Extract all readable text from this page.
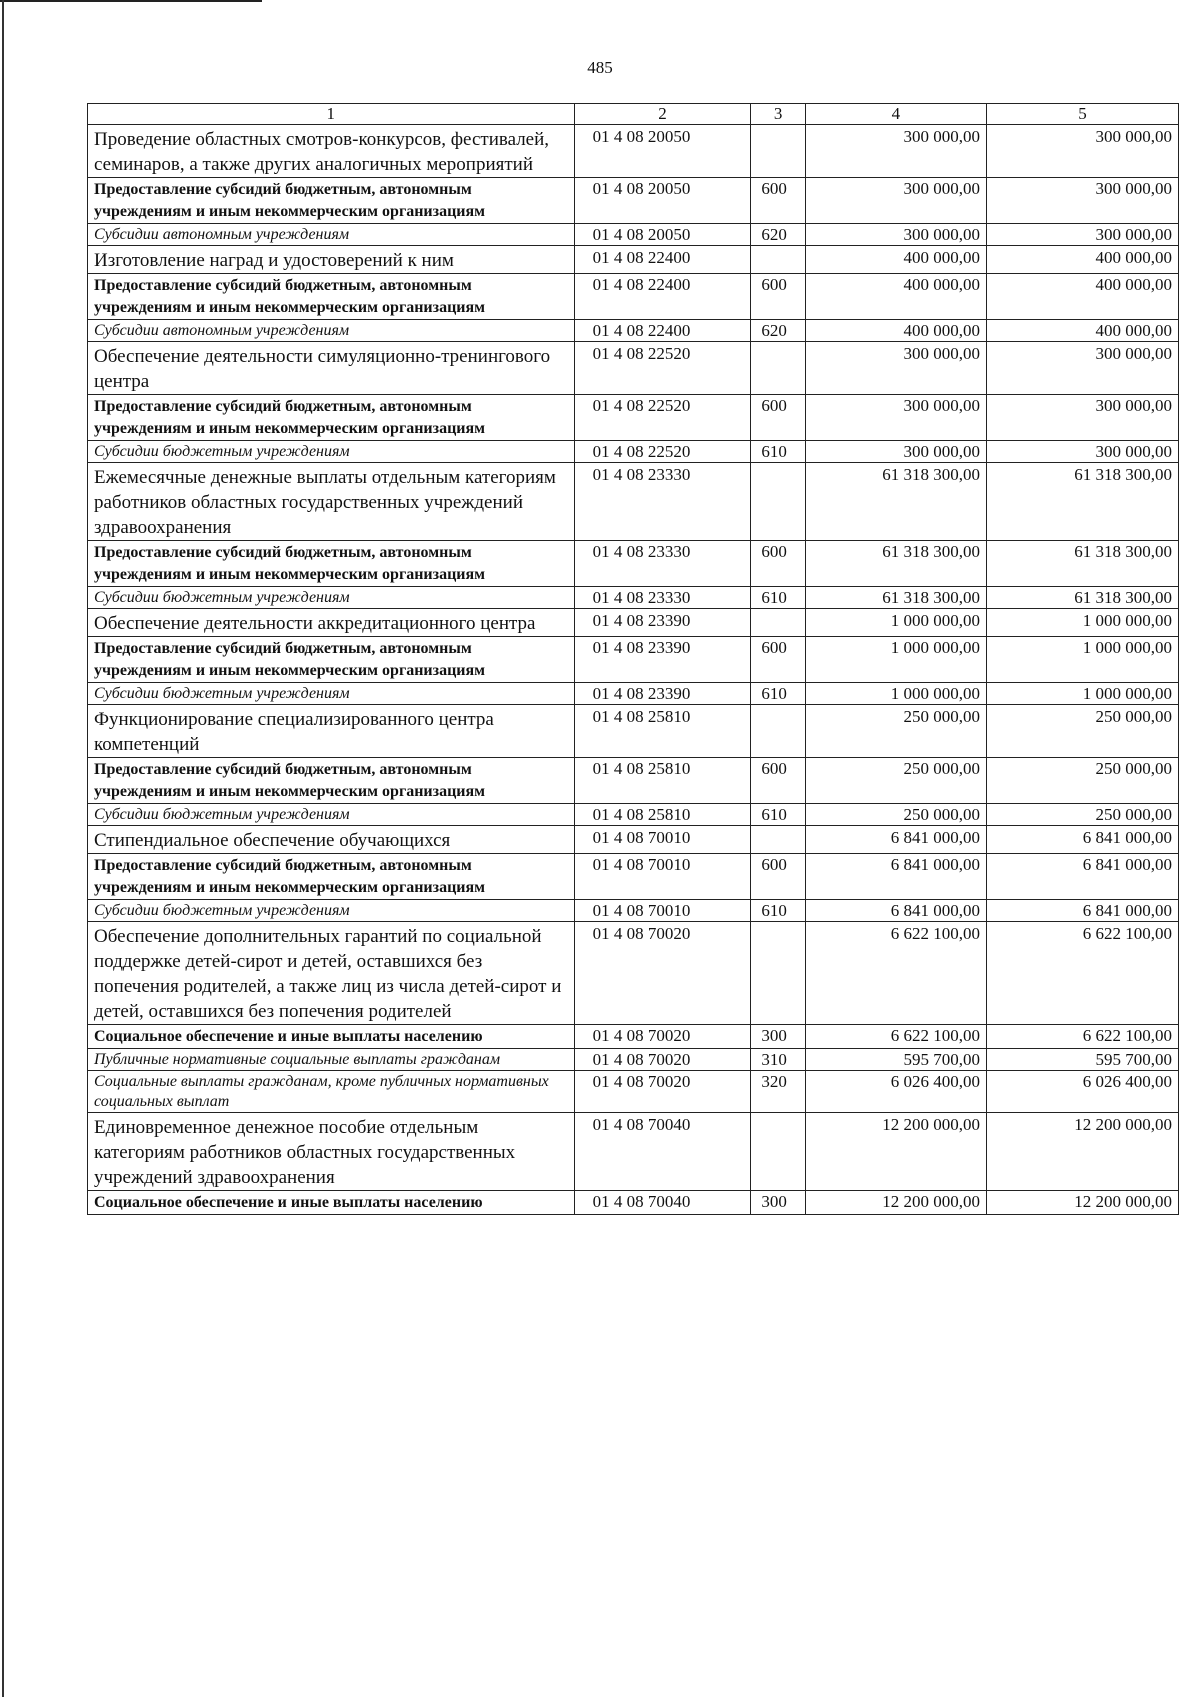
485
1	2	3	4	5
Проведение областных смотров-конкурсов, фестивалей, семинаров, а также других аналогичных мероприятий	01 4 08 20050		300 000,00	300 000,00
Предоставление субсидий бюджетным, автономным учреждениям и иным некоммерческим организациям	01 4 08 20050	600	300 000,00	300 000,00
Субсидии автономным учреждениям	01 4 08 20050	620	300 000,00	300 000,00
Изготовление наград и удостоверений к ним	01 4 08 22400		400 000,00	400 000,00
Предоставление субсидий бюджетным, автономным учреждениям и иным некоммерческим организациям	01 4 08 22400	600	400 000,00	400 000,00
Субсидии автономным учреждениям	01 4 08 22400	620	400 000,00	400 000,00
Обеспечение деятельности симуляционно-тренингового центра	01 4 08 22520		300 000,00	300 000,00
Предоставление субсидий бюджетным, автономным учреждениям и иным некоммерческим организациям	01 4 08 22520	600	300 000,00	300 000,00
Субсидии бюджетным учреждениям	01 4 08 22520	610	300 000,00	300 000,00
Ежемесячные денежные выплаты отдельным категориям работников областных государственных учреждений здравоохранения	01 4 08 23330		61 318 300,00	61 318 300,00
Предоставление субсидий бюджетным, автономным учреждениям и иным некоммерческим организациям	01 4 08 23330	600	61 318 300,00	61 318 300,00
Субсидии бюджетным учреждениям	01 4 08 23330	610	61 318 300,00	61 318 300,00
Обеспечение деятельности аккредитационного центра	01 4 08 23390		1 000 000,00	1 000 000,00
Предоставление субсидий бюджетным, автономным учреждениям и иным некоммерческим организациям	01 4 08 23390	600	1 000 000,00	1 000 000,00
Субсидии бюджетным учреждениям	01 4 08 23390	610	1 000 000,00	1 000 000,00
Функционирование специализированного центра компетенций	01 4 08 25810		250 000,00	250 000,00
Предоставление субсидий бюджетным, автономным учреждениям и иным некоммерческим организациям	01 4 08 25810	600	250 000,00	250 000,00
Субсидии бюджетным учреждениям	01 4 08 25810	610	250 000,00	250 000,00
Стипендиальное обеспечение обучающихся	01 4 08 70010		6 841 000,00	6 841 000,00
Предоставление субсидий бюджетным, автономным учреждениям и иным некоммерческим организациям	01 4 08 70010	600	6 841 000,00	6 841 000,00
Субсидии бюджетным учреждениям	01 4 08 70010	610	6 841 000,00	6 841 000,00
Обеспечение дополнительных гарантий по социальной поддержке детей-сирот и детей, оставшихся без попечения родителей, а также лиц из числа детей-сирот и детей, оставшихся без попечения родителей	01 4 08 70020		6 622 100,00	6 622 100,00
Социальное обеспечение и иные выплаты населению	01 4 08 70020	300	6 622 100,00	6 622 100,00
Публичные нормативные социальные выплаты гражданам	01 4 08 70020	310	595 700,00	595 700,00
Социальные выплаты гражданам, кроме публичных нормативных социальных выплат	01 4 08 70020	320	6 026 400,00	6 026 400,00
Единовременное денежное пособие отдельным категориям работников областных государственных учреждений здравоохранения	01 4 08 70040		12 200 000,00	12 200 000,00
Социальное обеспечение и иные выплаты населению	01 4 08 70040	300	12 200 000,00	12 200 000,00
